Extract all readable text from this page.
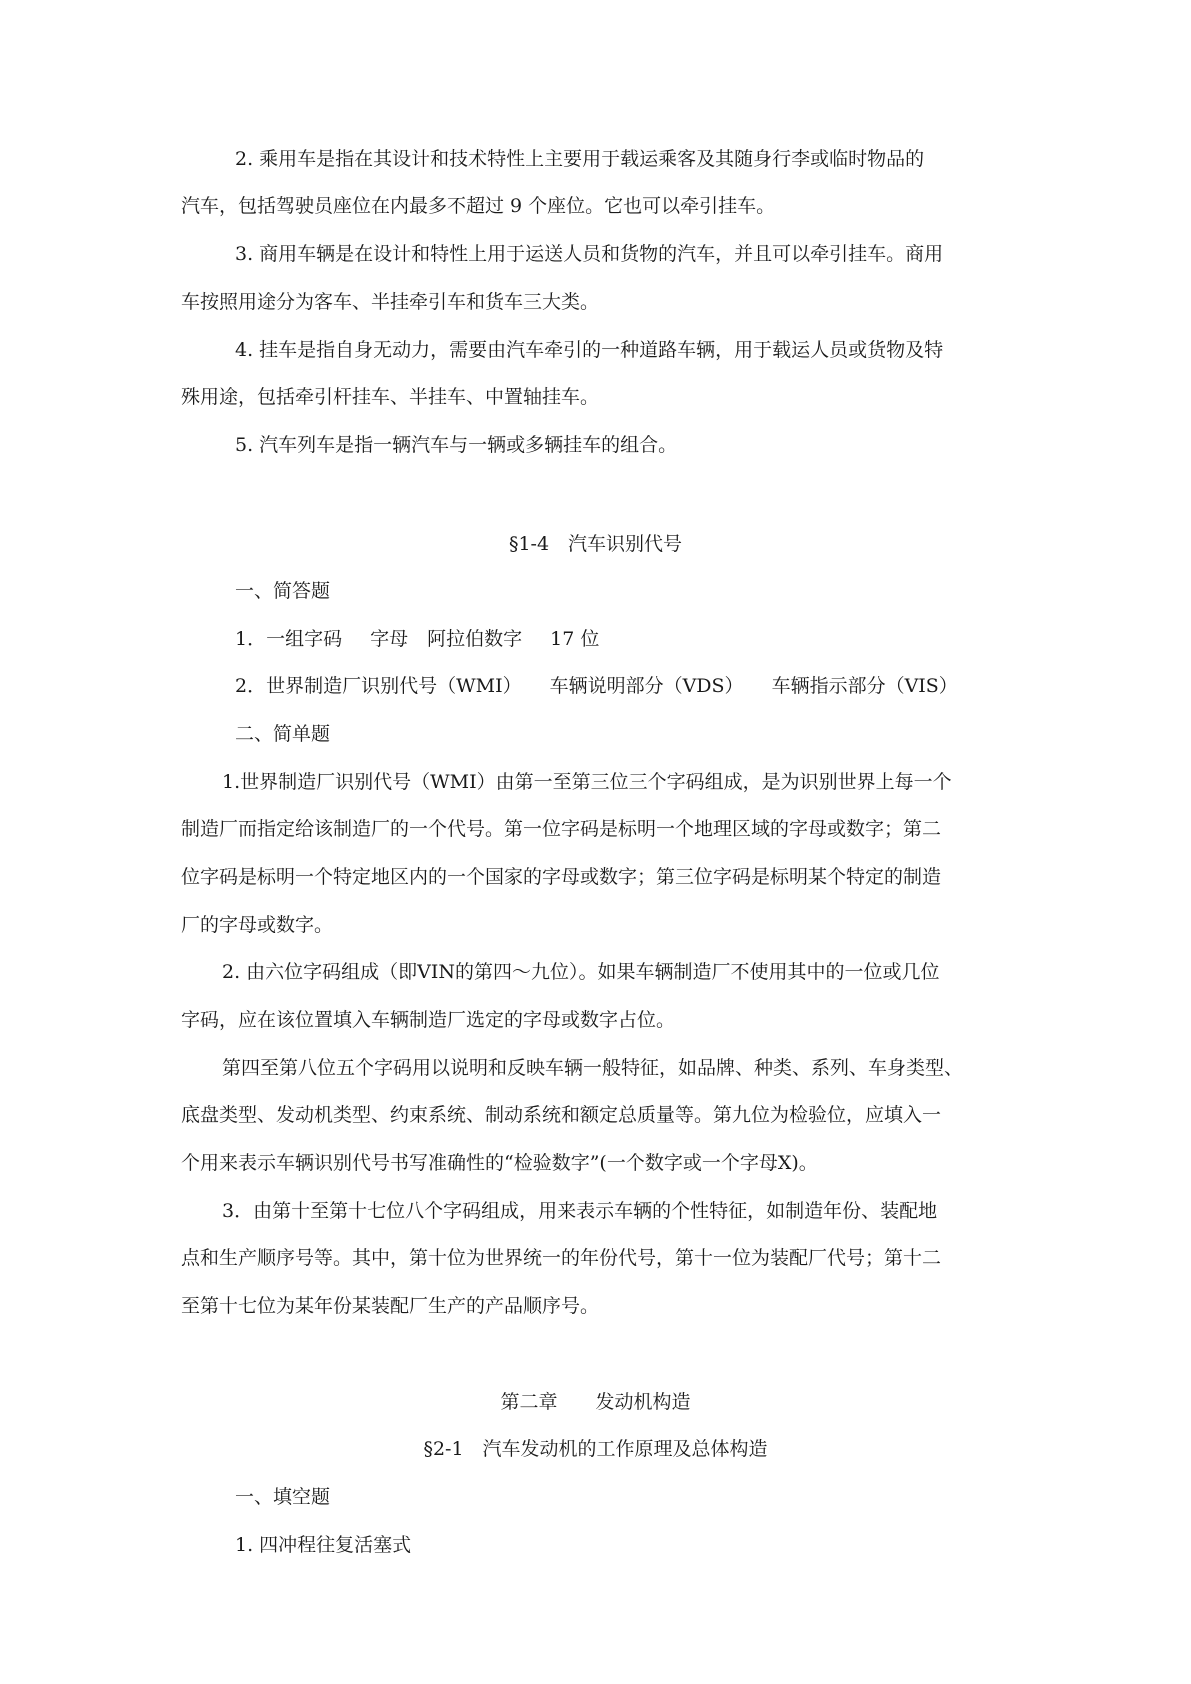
2. 乘用车是指在其设计和技术特性上主要用于载运乘客及其随身行李或临时物品的
汽车，包括驾驶员座位在内最多不超过 9 个座位。它也可以牵引挂车。
3. 商用车辆是在设计和特性上用于运送人员和货物的汽车，并且可以牵引挂车。商用
车按照用途分为客车、半挂牵引车和货车三大类。
4. 挂车是指自身无动力，需要由汽车牵引的一种道路车辆，用于载运人员或货物及特
殊用途，包括牵引杆挂车、半挂车、中置轴挂车。
5. 汽车列车是指一辆汽车与一辆或多辆挂车的组合。
§1-4　汽车识别代号
一、简答题
1．一组字码 字母　阿拉伯数字 17 位
2．世界制造厂识别代号（WMI） 车辆说明部分（VDS） 车辆指示部分（VIS）
二、简单题
1.世界制造厂识别代号（WMI）由第一至第三位三个字码组成，是为识别世界上每一个
制造厂而指定给该制造厂的一个代号。第一位字码是标明一个地理区域的字母或数字；第二
位字码是标明一个特定地区内的一个国家的字母或数字；第三位字码是标明某个特定的制造
厂的字母或数字。
2. 由六位字码组成（即VIN的第四～九位）。如果车辆制造厂不使用其中的一位或几位
字码，应在该位置填入车辆制造厂选定的字母或数字占位。
第四至第八位五个字码用以说明和反映车辆一般特征，如品牌、种类、系列、车身类型、
底盘类型、发动机类型、约束系统、制动系统和额定总质量等。第九位为检验位，应填入一
个用来表示车辆识别代号书写准确性的“检验数字”(一个数字或一个字母Ⅹ)。
3．由第十至第十七位八个字码组成，用来表示车辆的个性特征，如制造年份、装配地
点和生产顺序号等。其中，第十位为世界统一的年份代号，第十一位为装配厂代号；第十二
至第十七位为某年份某装配厂生产的产品顺序号。
第二章　　发动机构造
§2-1　汽车发动机的工作原理及总体构造
一、填空题
1. 四冲程往复活塞式
